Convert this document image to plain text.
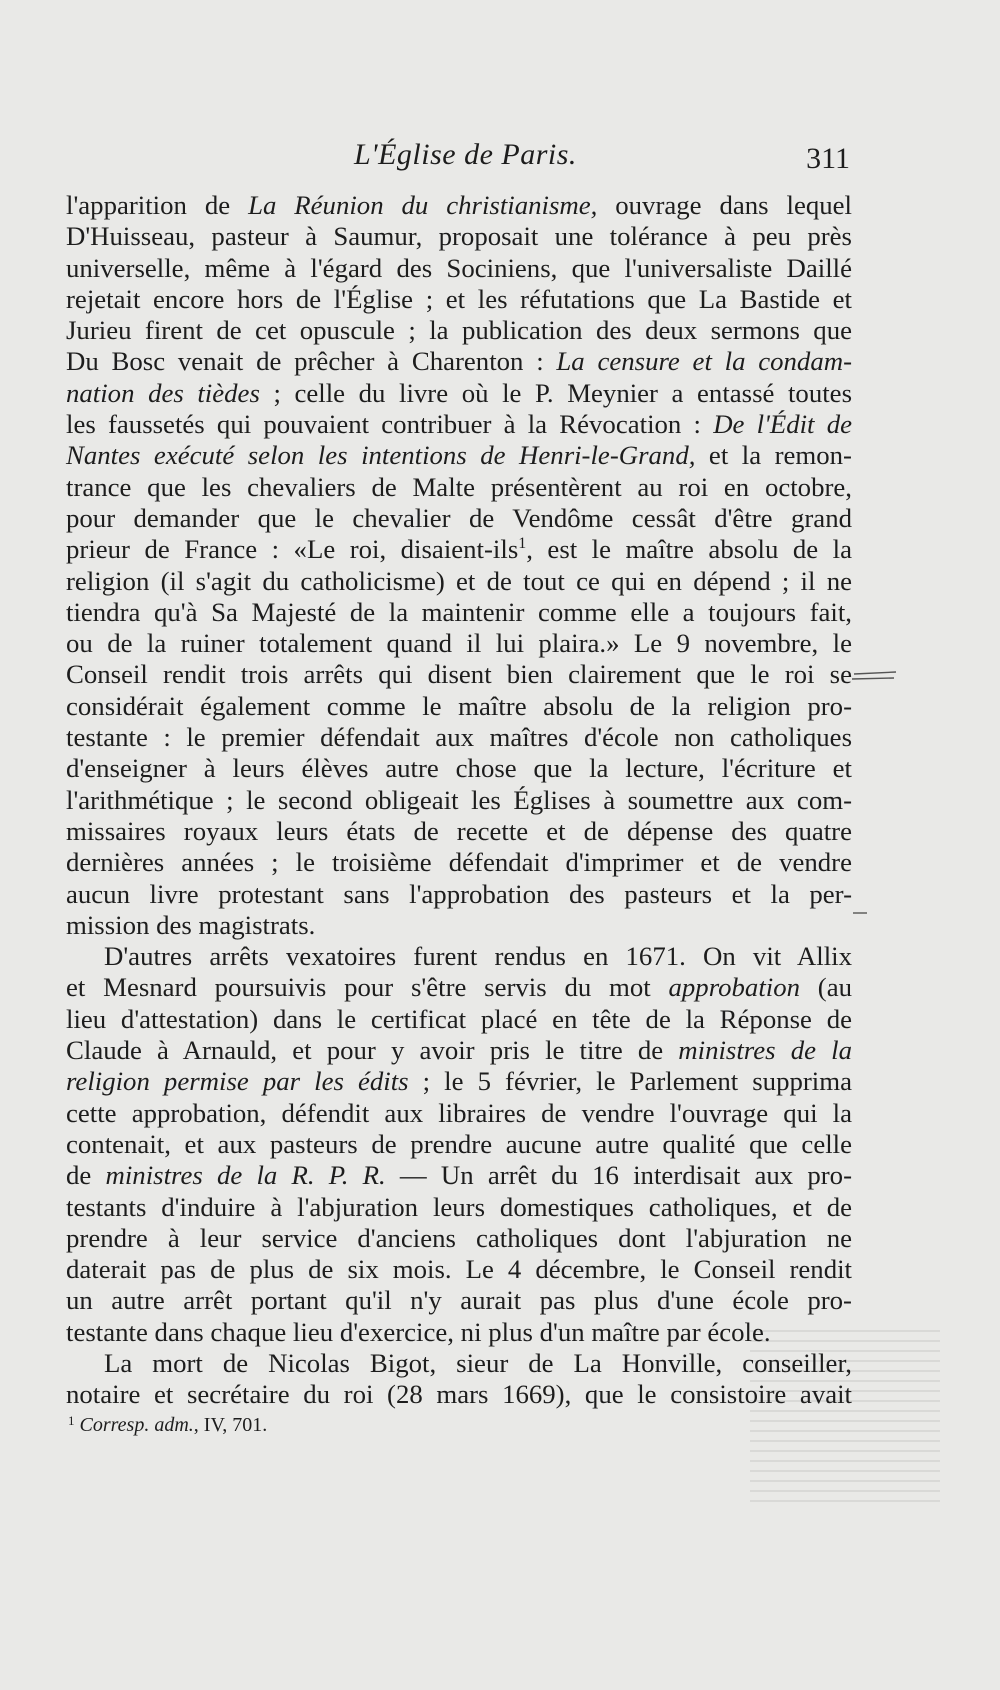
L'Église de Paris.	311

l'apparition de La Réunion du christianisme, ouvrage dans lequel
D'Huisseau, pasteur à Saumur, proposait une tolérance à peu près
universelle, même à l'égard des Sociniens, que l'universaliste Daillé
rejetait encore hors de l'Église ; et les réfutations que La Bastide et
Jurieu firent de cet opuscule ; la publication des deux sermons que
Du Bosc venait de prêcher à Charenton : La censure et la condam-
nation des tièdes ; celle du livre où le P. Meynier a entassé toutes
les faussetés qui pouvaient contribuer à la Révocation : De l'Édit de
Nantes exécuté selon les intentions de Henri-le-Grand, et la remon-
trance que les chevaliers de Malte présentèrent au roi en octobre,
pour demander que le chevalier de Vendôme cessât d'être grand
prieur de France : «Le roi, disaient-ils$^1$, est le maître absolu de la
religion (il s'agit du catholicisme) et de tout ce qui en dépend ; il ne
tiendra qu'à Sa Majesté de la maintenir comme elle a toujours fait,
ou de la ruiner totalement quand il lui plaira.» Le 9 novembre, le
Conseil rendit trois arrêts qui disent bien clairement que le roi se
considérait également comme le maître absolu de la religion pro-
testante : le premier défendait aux maîtres d'école non catholiques
d'enseigner à leurs élèves autre chose que la lecture, l'écriture et
l'arithmétique ; le second obligeait les Églises à soumettre aux com-
missaires royaux leurs états de recette et de dépense des quatre
dernières années ; le troisième défendait d'imprimer et de vendre
aucun livre protestant sans l'approbation des pasteurs et la per-
mission des magistrats.

D'autres arrêts vexatoires furent rendus en 1671. On vit Allix
et Mesnard poursuivis pour s'être servis du mot approbation (au
lieu d'attestation) dans le certificat placé en tête de la Réponse de
Claude à Arnauld, et pour y avoir pris le titre de ministres de la
religion permise par les édits ; le 5 février, le Parlement supprima
cette approbation, défendit aux libraires de vendre l'ouvrage qui la
contenait, et aux pasteurs de prendre aucune autre qualité que celle
de ministres de la R. P. R. — Un arrêt du 16 interdisait aux pro-
testants d'induire à l'abjuration leurs domestiques catholiques, et de
prendre à leur service d'anciens catholiques dont l'abjuration ne
daterait pas de plus de six mois. Le 4 décembre, le Conseil rendit
un autre arrêt portant qu'il n'y aurait pas plus d'une école pro-
testante dans chaque lieu d'exercice, ni plus d'un maître par école.

La mort de Nicolas Bigot, sieur de La Honville, conseiller,
notaire et secrétaire du roi (28 mars 1669), que le consistoire avait

$^1$ Corresp. adm., IV, 701.
